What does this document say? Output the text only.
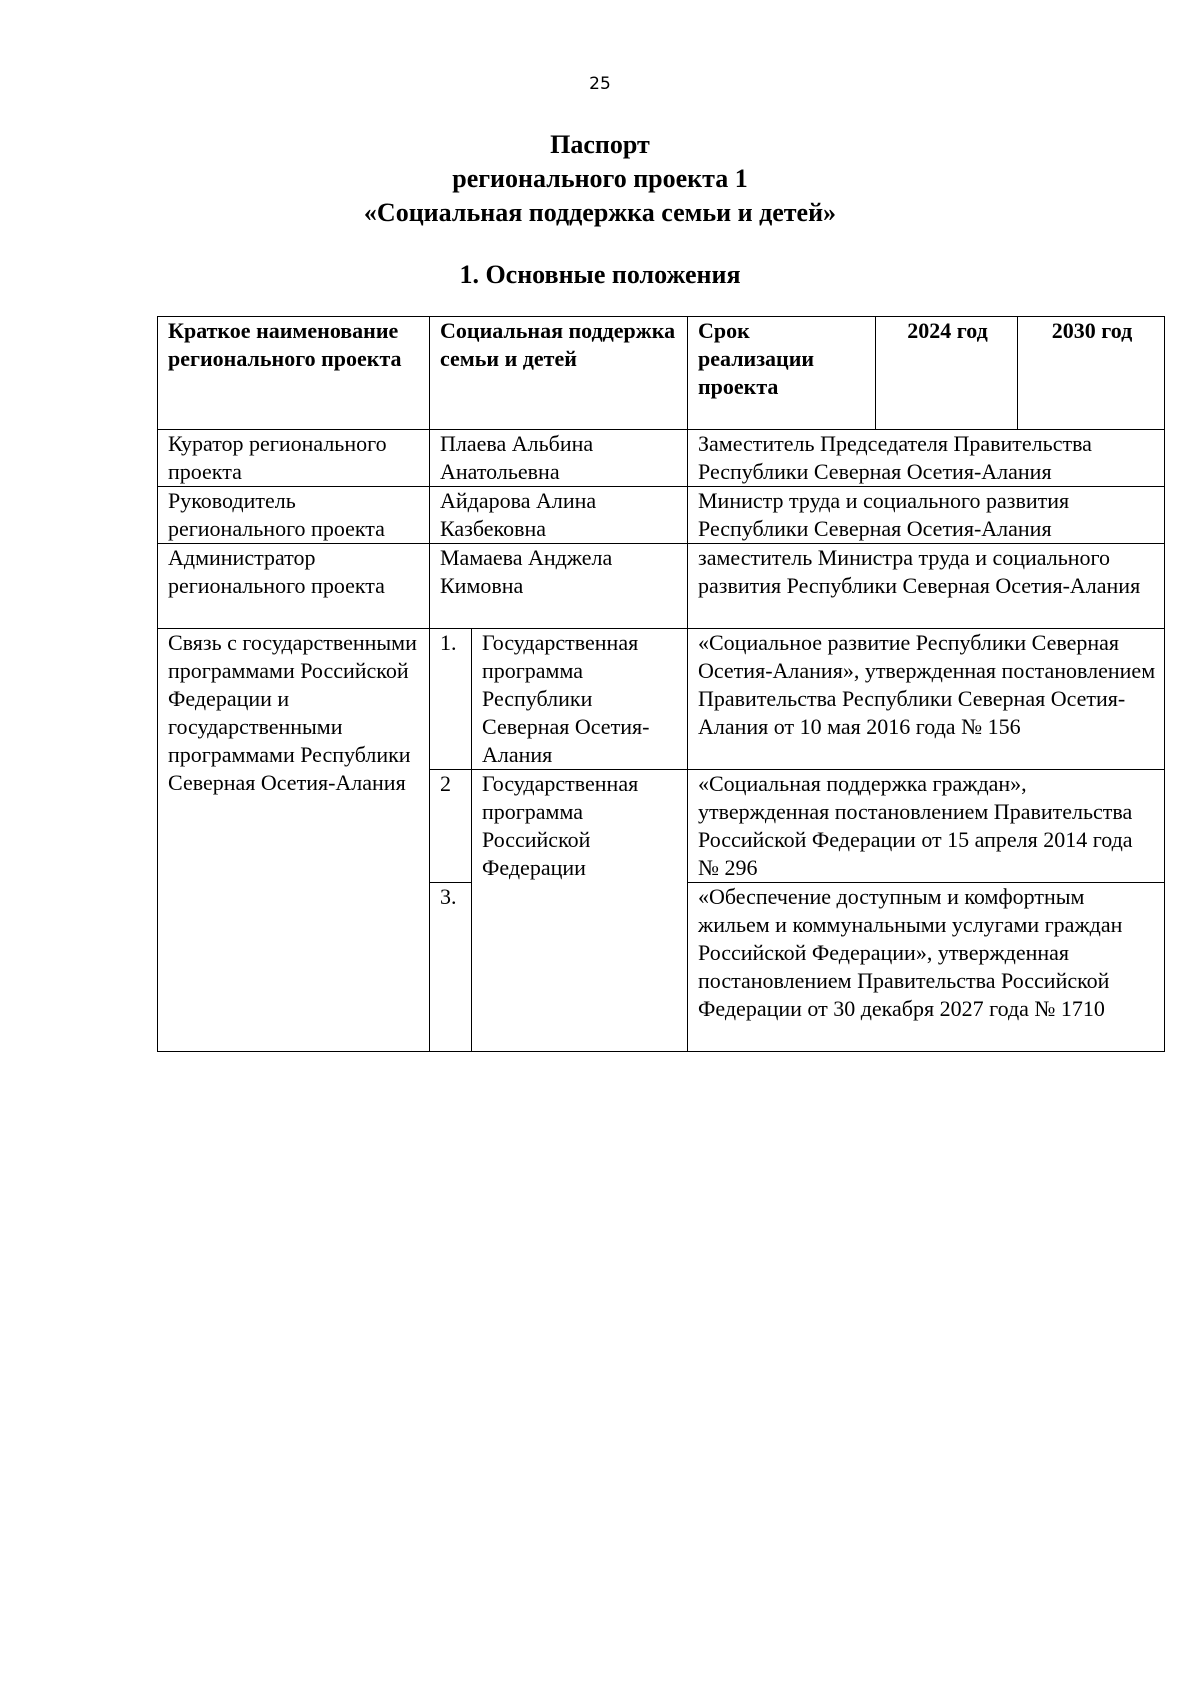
25
Паспорт
регионального проекта 1
«Социальная поддержка семьи и детей»
1. Основные положения
Краткое наименование регионального проекта	Социальная поддержка семьи и детей		Срок реализации проекта	2024 год	2030 год
Куратор регионального проекта	Плаева Альбина Анатольевна		Заместитель Председателя Правительства Республики Северная Осетия-Алания		
Руководитель регионального проекта	Айдарова Алина Казбековна		Министр труда и социального развития Республики Северная Осетия-Алания		
Администратор регионального проекта	Мамаева Анджела Кимовна		заместитель Министра труда и социального развития Республики Северная Осетия-Алания		
Связь с государственными программами Российской Федерации и государственными программами Республики Северная Осетия-Алания	1.	Государственная программа Республики Северная Осетия-Алания	«Социальное развитие Республики Северная Осетия-Алания», утвержденная постановлением Правительства Республики Северная Осетия-Алания от 10 мая 2016 года № 156		
	2	Государственная программа Российской Федерации	«Социальная поддержка граждан», утвержденная постановлением Правительства Российской Федерации от 15 апреля 2014 года № 296		
	3.		«Обеспечение доступным и комфортным жильем и коммунальными услугами граждан Российской Федерации», утвержденная постановлением Правительства Российской Федерации от 30 декабря 2027 года № 1710		
